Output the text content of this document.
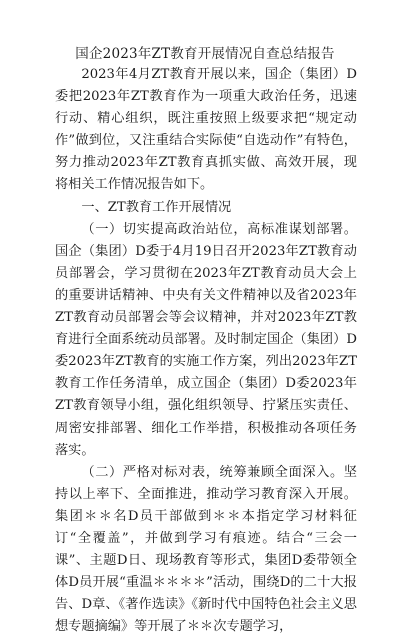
国企2023年ZT教育开展情况自查总结报告

2023年4月ZT教育开展以来，国企（集团）D委把2023年ZT教育作为一项重大政治任务，迅速行动、精心组织，既注重按照上级要求把“规定动作”做到位，又注重结合实际使“自选动作”有特色，努力推动2023年ZT教育真抓实做、高效开展，现将相关工作情况报告如下。

一、ZT教育工作开展情况

（一）切实提高政治站位，高标准谋划部署。国企（集团）D委于4月19日召开2023年ZT教育动员部署会，学习贯彻在2023年ZT教育动员大会上的重要讲话精神、中央有关文件精神以及省2023年ZT教育动员部署会等会议精神，并对2023年ZT教育进行全面系统动员部署。及时制定国企（集团）D委2023年ZT教育的实施工作方案，列出2023年ZT教育工作任务清单，成立国企（集团）D委2023年ZT教育领导小组，强化组织领导、拧紧压实责任、周密安排部署、细化工作举措，积极推动各项任务落实。

（二）严格对标对表，统筹兼顾全面深入。坚持以上率下、全面推进，推动学习教育深入开展。集团＊＊名D员干部做到＊＊本指定学习材料征订“全覆盖”，并做到学习有痕迹。结合“三会一课”、主题D日、现场教育等形式，集团D委带领全体D员开展“重温＊＊＊＊”活动，围绕D的二十大报告、D章、《著作选读》《新时代中国特色社会主义思想专题摘编》等开展了＊＊次专题学习，
